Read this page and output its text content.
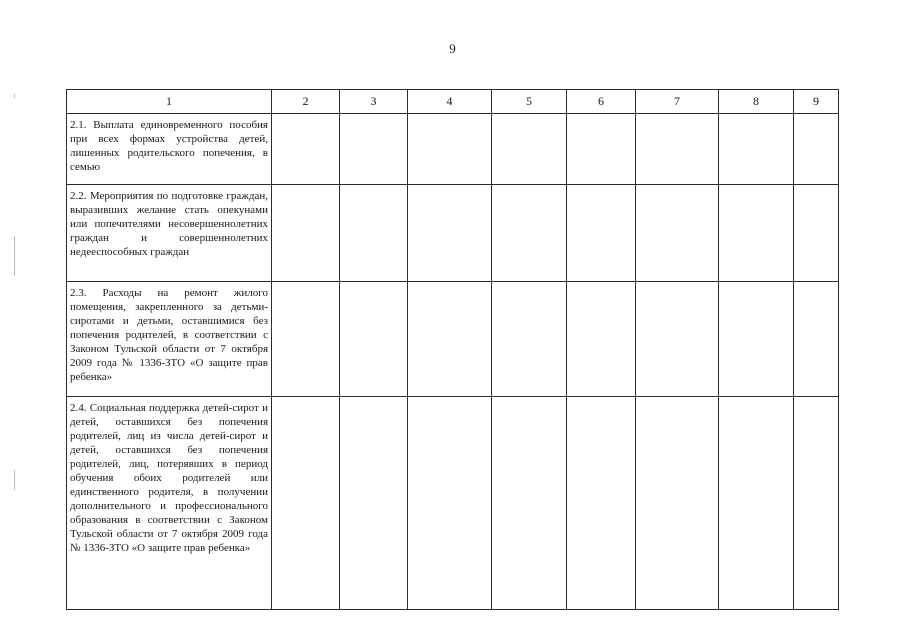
9
1	2	3	4	5	6	7	8	9
2.1. Выплата единовременного пособия при всех формах устройства детей, лишенных родительского попечения, в семью								
2.2. Мероприятия по подготовке граждан, выразивших желание стать опекунами или попечителями несовершеннолетних граждан и совершеннолетних недееспособных граждан								
2.3. Расходы на ремонт жилого помещения, закрепленного за детьми-сиротами и детьми, оставшимися без попечения родителей, в соответствии с Законом Тульской области от 7 октября 2009 года № 1336-ЗТО «О защите прав ребенка»								
2.4. Социальная поддержка детей-сирот и детей, оставшихся без попечения родителей, лиц из числа детей-сирот и детей, оставшихся без попечения родителей, лиц, потерявших в период обучения обоих родителей или единственного родителя, в получении дополнительного и профессионального образования в соответствии с Законом Тульской области от 7 октября 2009 года № 1336-ЗТО «О защите прав ребенка»								
